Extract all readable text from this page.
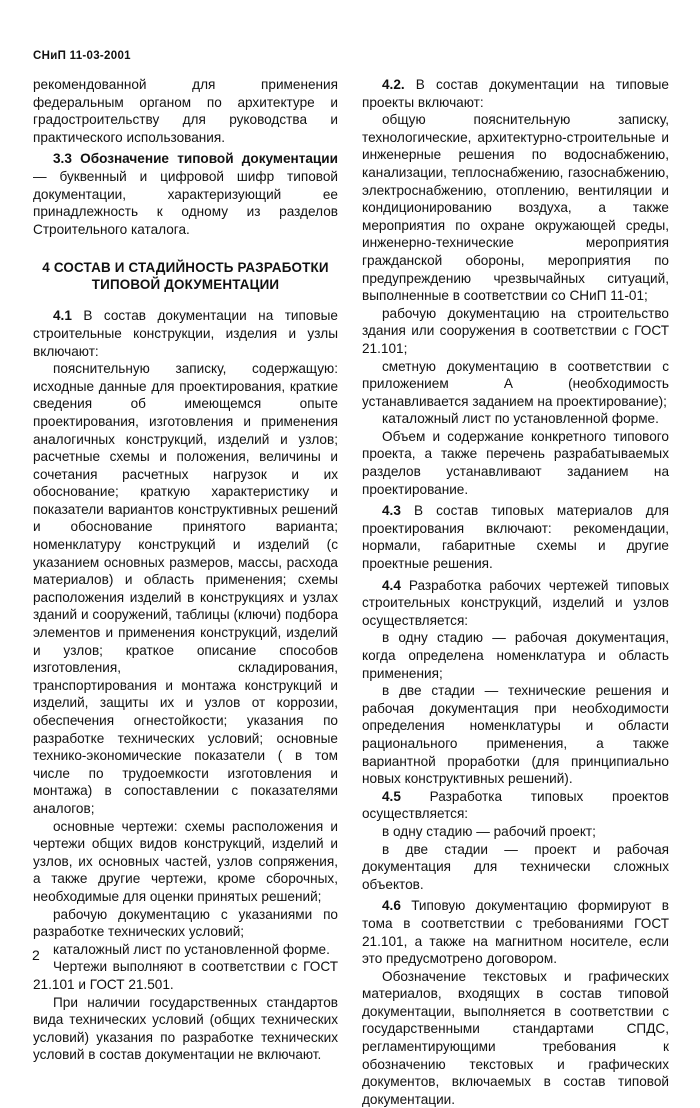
СНиП 11-03-2001

рекомендованной для применения федеральным органом по архитектуре и градостроительству для руководства и практического использования.

3.3 Обозначение типовой документации — буквенный и цифровой шифр типовой документации, характеризующий ее принадлежность к одному из разделов Строительного каталога.

4 СОСТАВ И СТАДИЙНОСТЬ РАЗРАБОТКИ ТИПОВОЙ ДОКУМЕНТАЦИИ

4.1 В состав документации на типовые строительные конструкции, изделия и узлы включают:

пояснительную записку, содержащую: исходные данные для проектирования, краткие сведения об имеющемся опыте проектирования, изготовления и применения аналогичных конструкций, изделий и узлов; расчетные схемы и положения, величины и сочетания расчетных нагрузок и их обоснование; краткую характеристику и показатели вариантов конструктивных решений и обоснование принятого варианта; номенклатуру конструкций и изделий (с указанием основных размеров, массы, расхода материалов) и область применения; схемы расположения изделий в конструкциях и узлах зданий и сооружений, таблицы (ключи) подбора элементов и применения конструкций, изделий и узлов; краткое описание способов изготовления, складирования, транспортирования и монтажа конструкций и изделий, защиты их и узлов от коррозии, обеспечения огнестойкости; указания по разработке технических условий; основные технико-экономические показатели ( в том числе по трудоемкости изготовления и монтажа) в сопоставлении с показателями аналогов;

основные чертежи: схемы расположения и чертежи общих видов конструкций, изделий и узлов, их основных частей, узлов сопряжения, а также другие чертежи, кроме сборочных, необходимые для оценки принятых решений;

рабочую документацию с указаниями по разработке технических условий;

каталожный лист по установленной форме.

Чертежи выполняют в соответствии с ГОСТ 21.101 и ГОСТ 21.501.

При наличии государственных стандартов вида технических условий (общих технических условий) указания по разработке технических условий в состав документации не включают.

4.2. В состав документации на типовые проекты включают:

общую пояснительную записку, технологические, архитектурно-строительные и инженерные решения по водоснабжению, канализации, теплоснабжению, газоснабжению, электроснабжению, отоплению, вентиляции и кондиционированию воздуха, а также мероприятия по охране окружающей среды, инженерно-технические мероприятия гражданской обороны, мероприятия по предупреждению чрезвычайных ситуаций, выполненные в соответствии со СНиП 11-01;

рабочую документацию на строительство здания или сооружения в соответствии с ГОСТ 21.101;

сметную документацию в соответствии с приложением А (необходимость устанавливается заданием на проектирование);

каталожный лист по установленной форме.

Объем и содержание конкретного типового проекта, а также перечень разрабатываемых разделов устанавливают заданием на проектирование.

4.3 В состав типовых материалов для проектирования включают: рекомендации, нормали, габаритные схемы и другие проектные решения.

4.4 Разработка рабочих чертежей типовых строительных конструкций, изделий и узлов осуществляется:

в одну стадию — рабочая документация, когда определена номенклатура и область применения;

в две стадии — технические решения и рабочая документация при необходимости определения номенклатуры и области рационального применения, а также вариантной проработки (для принципиально новых конструктивных решений).

4.5 Разработка типовых проектов осуществляется:

в одну стадию — рабочий проект;

в две стадии — проект и рабочая документация для технически сложных объектов.

4.6 Типовую документацию формируют в тома в соответствии с требованиями ГОСТ 21.101, а также на магнитном носителе, если это предусмотрено договором.

Обозначение текстовых и графических материалов, входящих в состав типовой документации, выполняется в соответствии с государственными стандартами СПДС, регламентирующими требования к обозначению текстовых и графических документов, включаемых в состав типовой документации.

2
